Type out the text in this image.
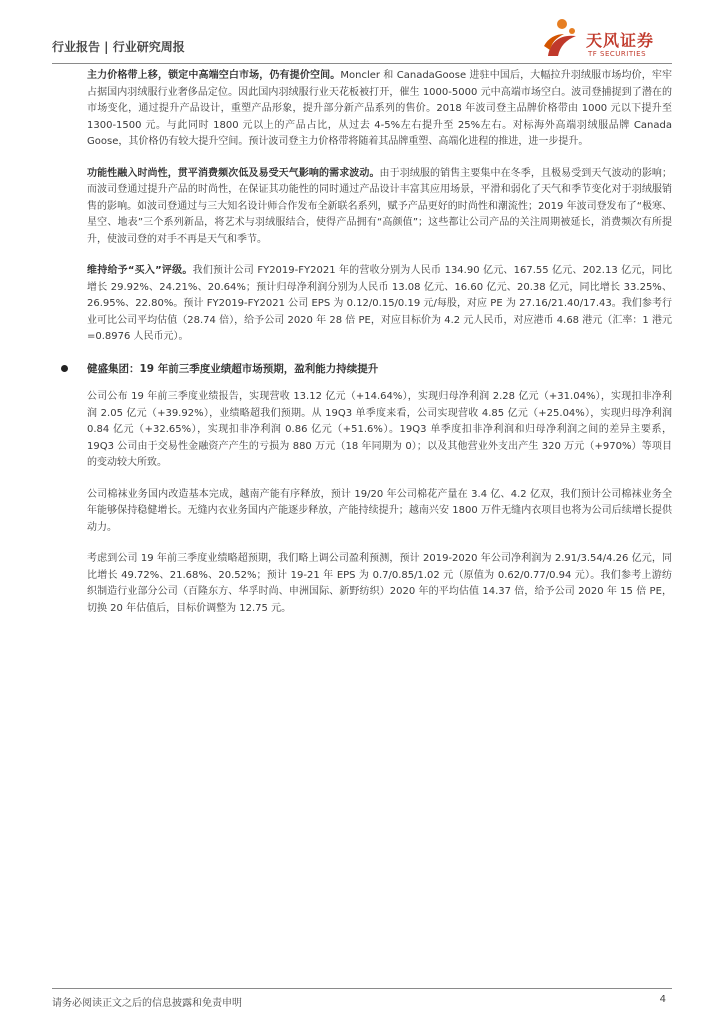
行业报告 | 行业研究周报	天风证券
TF SECURITIES

主力价格带上移，锁定中高端空白市场，仍有提价空间。Moncler 和 CanadaGoose 进驻中国后，大幅拉升羽绒服市场均价，牢牢占据国内羽绒服行业奢侈品定位。因此国内羽绒服行业天花板被打开，催生 1000-5000 元中高端市场空白。波司登捕捉到了潜在的市场变化，通过提升产品设计，重塑产品形象，提升部分新产品系列的售价。2018 年波司登主品牌价格带由 1000 元以下提升至 1300-1500 元。与此同时 1800 元以上的产品占比，从过去 4-5%左右提升至 25%左右。对标海外高端羽绒服品牌 Canada Goose，其价格仍有较大提升空间。预计波司登主力价格带将随着其品牌重塑、高端化进程的推进，进一步提升。

功能性融入时尚性，贯平消费频次低及易受天气影响的需求波动。由于羽绒服的销售主要集中在冬季，且极易受到天气波动的影响；而波司登通过提升产品的时尚性，在保证其功能性的同时通过产品设计丰富其应用场景，平滑和弱化了天气和季节变化对于羽绒服销售的影响。如波司登通过与三大知名设计师合作发布全新联名系列，赋予产品更好的时尚性和潮流性；2019 年波司登发布了“极寒、星空、地表”三个系列新品，将艺术与羽绒服结合，使得产品拥有“高颜值”；这些都让公司产品的关注周期被延长，消费频次有所提升，使波司登的对手不再是天气和季节。

维持给予“买入”评级。我们预计公司 FY2019-FY2021 年的营收分别为人民币 134.90 亿元、167.55 亿元、202.13 亿元，同比增长 29.92%、24.21%、20.64%；预计归母净利润分别为人民币 13.08 亿元、16.60 亿元、20.38 亿元，同比增长 33.25%、26.95%、22.80%。预计 FY2019-FY2021 公司 EPS 为 0.12/0.15/0.19 元/每股，对应 PE 为 27.16/21.40/17.43。我们参考行业可比公司平均估值（28.74 倍），给予公司 2020 年 28 倍 PE，对应目标价为 4.2 元人民币，对应港币 4.68 港元（汇率：1 港元=0.8976 人民币元）。

健盛集团：19 年前三季度业绩超市场预期，盈利能力持续提升

公司公布 19 年前三季度业绩报告，实现营收 13.12 亿元（+14.64%），实现归母净利润 2.28 亿元（+31.04%），实现扣非净利润 2.05 亿元（+39.92%），业绩略超我们预期。从 19Q3 单季度来看，公司实现营收 4.85 亿元（+25.04%），实现归母净利润 0.84 亿元（+32.65%），实现扣非净利润 0.86 亿元（+51.6%）。19Q3 单季度扣非净利润和归母净利润之间的差异主要系，19Q3 公司由于交易性金融资产产生的亏损为 880 万元（18 年同期为 0）；以及其他营业外支出产生 320 万元（+970%）等项目的变动较大所致。

公司棉袜业务国内改造基本完成，越南产能有序释放，预计 19/20 年公司棉花产量在 3.4 亿、4.2 亿双，我们预计公司棉袜业务全年能够保持稳健增长。无缝内衣业务国内产能逐步释放，产能持续提升；越南兴安 1800 万件无缝内衣项目也将为公司后续增长提供动力。

考虑到公司 19 年前三季度业绩略超预期，我们略上调公司盈利预测，预计 2019-2020 年公司净利润为 2.91/3.54/4.26 亿元，同比增长 49.72%、21.68%、20.52%；预计 19-21 年 EPS 为 0.7/0.85/1.02 元（原值为 0.62/0.77/0.94 元）。我们参考上游纺织制造行业部分公司（百隆东方、华孚时尚、申洲国际、新野纺织）2020 年的平均估值 14.37 倍，给予公司 2020 年 15 倍 PE，切换 20 年估值后，目标价调整为 12.75 元。

请务必阅读正文之后的信息披露和免责申明	4
